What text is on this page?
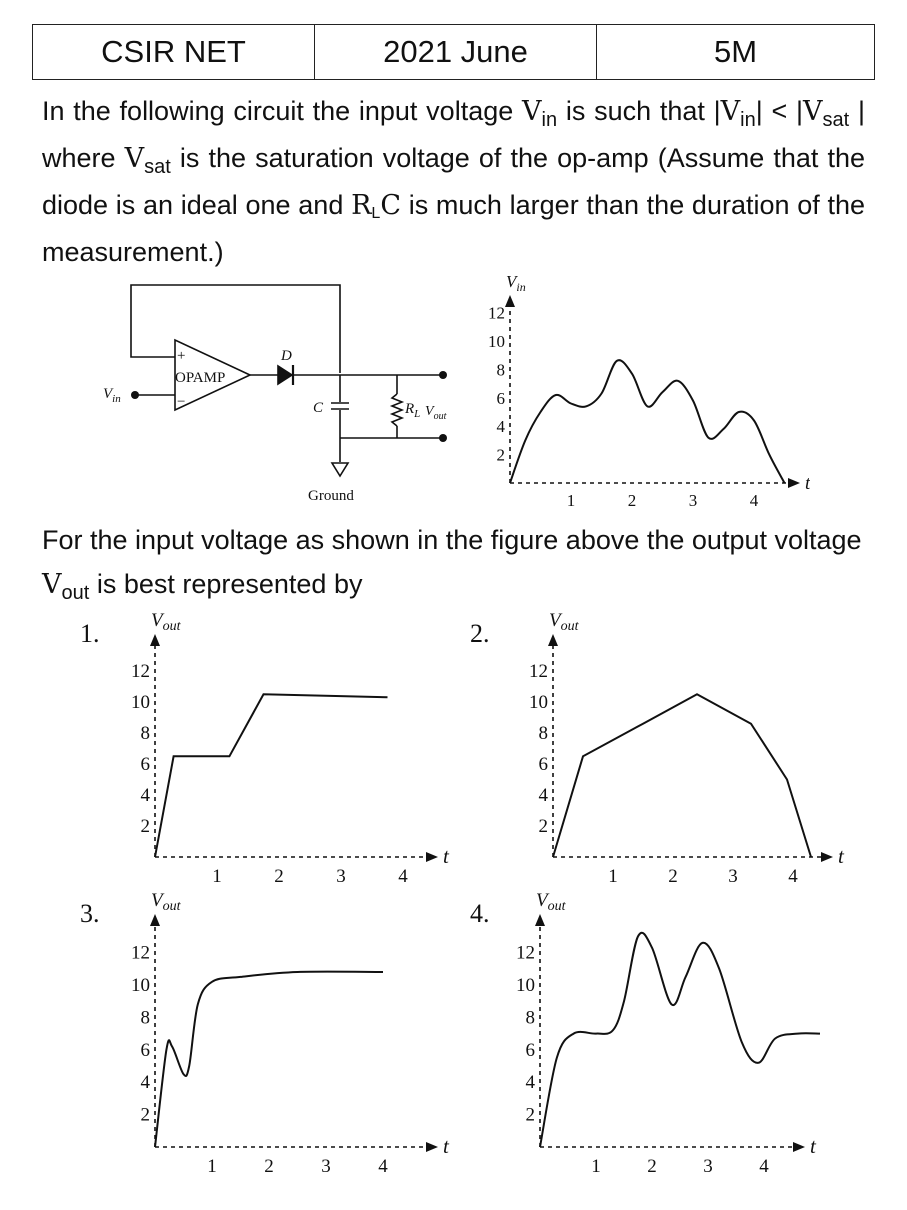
CSIR NET	2021 June	5M
In the following circuit the input voltage $V_{in}$ is such that $|V_{in}| < |V_{sat}$ | where $V_{sat}$ is the saturation voltage of the op-amp (Assume that the diode is an ideal one and $R_LC$ is much larger than the duration of the measurement.)
+
−
OPAMP
D
$V_{in}$
C	$R_L$ $V_{out}$
Ground
$V_{in}$
t
12
10
8
6
4
2
1	2	3	4
For the input voltage as shown in the figure above the output voltage $V_{out}$ is best represented by
$V_{out}$
t
12
10
8
6
4
2
1	2	3	4
1.	$V_{out}$
t
12
10
8
6
4
2
1	2	3	4
2.
$V_{out}$
t
12
10
8
6
4
2
1	2	3	4
3.	$V_{out}$
t
12
10
8
6
4
2
1 2 3 4
4.
